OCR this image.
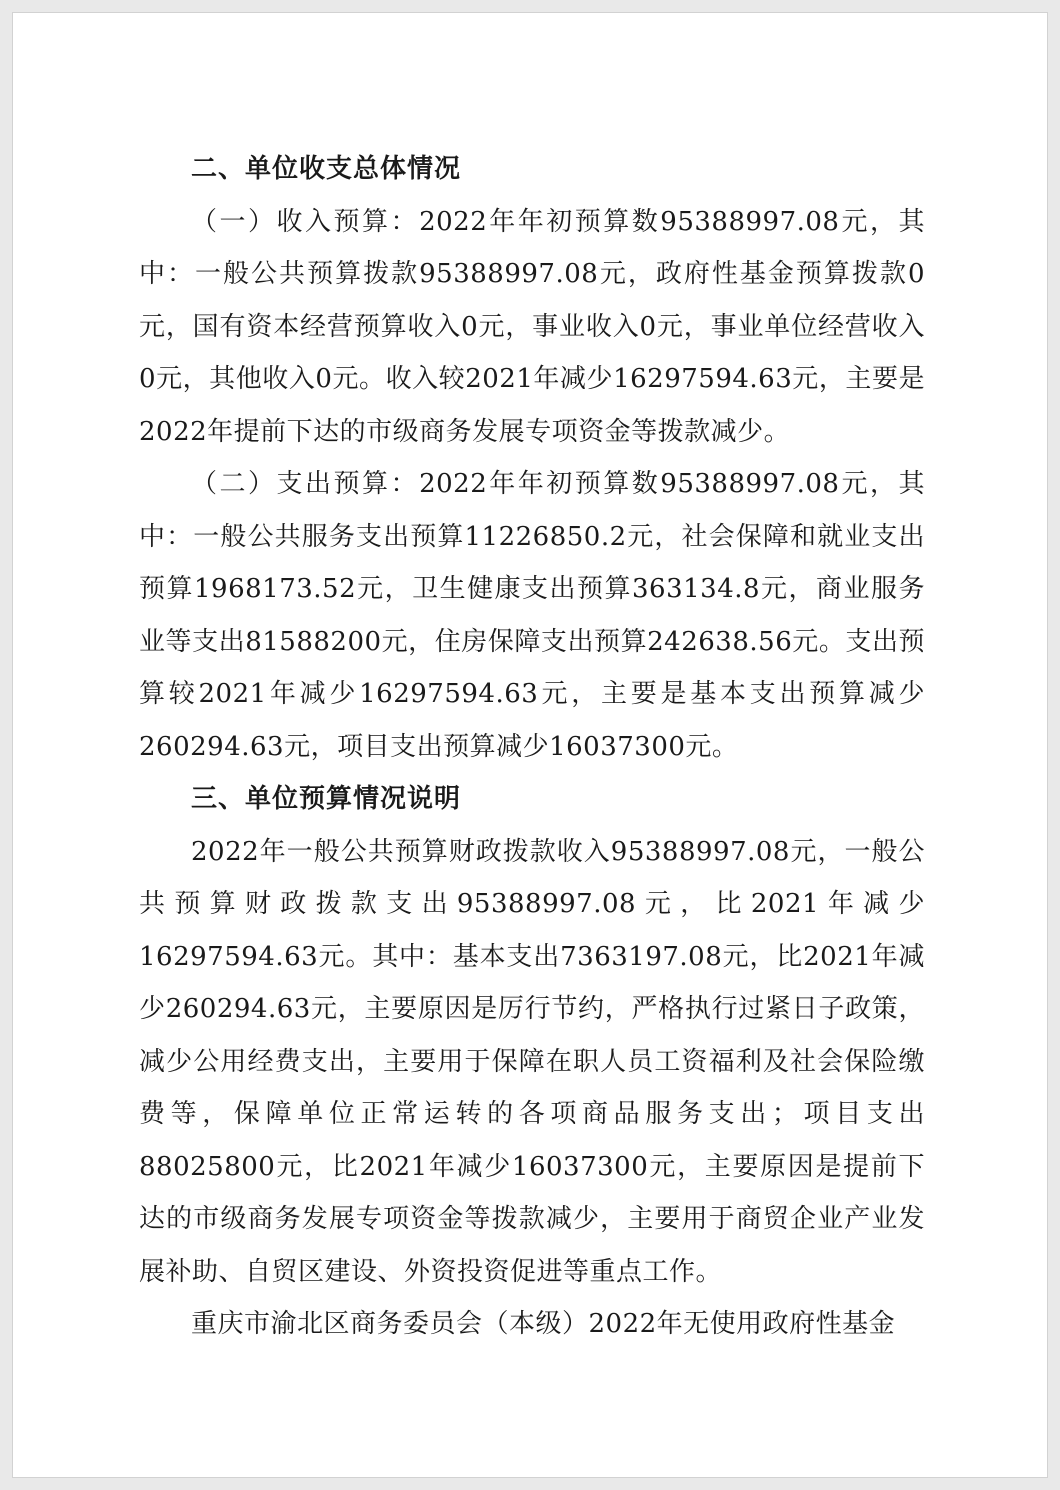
二、单位收支总体情况

（一）收入预算：2022年年初预算数95388997.08元，其中：一般公共预算拨款95388997.08元，政府性基金预算拨款0元，国有资本经营预算收入0元，事业收入0元，事业单位经营收入0元，其他收入0元。收入较2021年减少16297594.63元，主要是2022年提前下达的市级商务发展专项资金等拨款减少。

（二）支出预算：2022年年初预算数95388997.08元，其中：一般公共服务支出预算11226850.2元，社会保障和就业支出预算1968173.52元，卫生健康支出预算363134.8元，商业服务业等支出81588200元，住房保障支出预算242638.56元。支出预算较2021年减少16297594.63元，主要是基本支出预算减少260294.63元，项目支出预算减少16037300元。

三、单位预算情况说明

2022年一般公共预算财政拨款收入95388997.08元，一般公共预算财政拨款支出95388997.08元，比2021年减少16297594.63元。其中：基本支出7363197.08元，比2021年减少260294.63元，主要原因是厉行节约，严格执行过紧日子政策，减少公用经费支出，主要用于保障在职人员工资福利及社会保险缴费等，保障单位正常运转的各项商品服务支出；项目支出88025800元，比2021年减少16037300元，主要原因是提前下达的市级商务发展专项资金等拨款减少，主要用于商贸企业产业发展补助、自贸区建设、外资投资促进等重点工作。

重庆市渝北区商务委员会（本级）2022年无使用政府性基金
